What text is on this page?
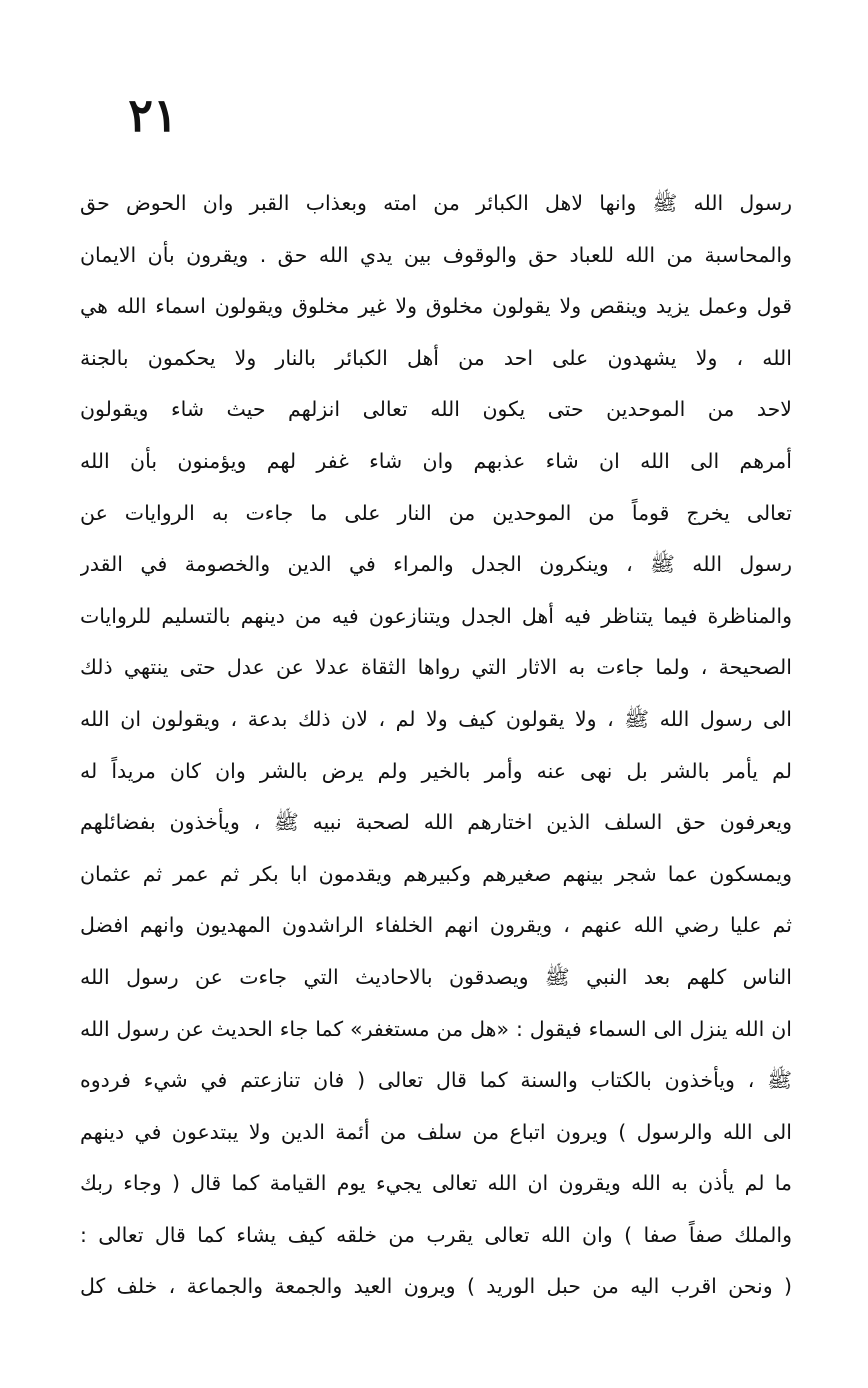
٢١
رسول الله ﷺ وانها لاهل الكبائر من امته وبعذاب القبر وان الحوض حق
والمحاسبة من الله للعباد حق والوقوف بين يدي الله حق . ويقرون بأن الايمان
قول وعمل يزيد وينقص ولا يقولون مخلوق ولا غير مخلوق ويقولون اسماء الله هي
الله ، ولا يشهدون على احد من أهل الكبائر بالنار ولا يحكمون بالجنة
لاحد من الموحدين حتى يكون الله تعالى انزلهم حيث شاء ويقولون
أمرهم الى الله ان شاء عذبهم وان شاء غفر لهم ويؤمنون بأن الله
تعالى يخرج قوماً من الموحدين من النار على ما جاءت به الروايات عن
رسول الله ﷺ ، وينكرون الجدل والمراء في الدين والخصومة في القدر
والمناظرة فيما يتناظر فيه أهل الجدل ويتنازعون فيه من دينهم بالتسليم للروايات
الصحيحة ، ولما جاءت به الاثار التي رواها الثقاة عدلا عن عدل حتى ينتهي ذلك
الى رسول الله ﷺ ، ولا يقولون كيف ولا لم ، لان ذلك بدعة ، ويقولون ان الله
لم يأمر بالشر بل نهى عنه وأمر بالخير ولم يرض بالشر وان كان مريداً له
ويعرفون حق السلف الذين اختارهم الله لصحبة نبيه ﷺ ، ويأخذون بفضائلهم
ويمسكون عما شجر بينهم صغيرهم وكبيرهم ويقدمون ابا بكر ثم عمر ثم عثمان
ثم عليا رضي الله عنهم ، ويقرون انهم الخلفاء الراشدون المهديون وانهم افضل
الناس كلهم بعد النبي ﷺ ويصدقون بالاحاديث التي جاءت عن رسول الله
ان الله ينزل الى السماء فيقول : «هل من مستغفر» كما جاء الحديث عن رسول الله
ﷺ ، ويأخذون بالكتاب والسنة كما قال تعالى ( فان تنازعتم في شيء فردوه
الى الله والرسول ) ويرون اتباع من سلف من أئمة الدين ولا يبتدعون في دينهم
ما لم يأذن به الله ويقرون ان الله تعالى يجيء يوم القيامة كما قال ( وجاء ربك
والملك صفاً صفا ) وان الله تعالى يقرب من خلقه كيف يشاء كما قال تعالى :
( ونحن اقرب اليه من حبل الوريد ) ويرون العيد والجمعة والجماعة ، خلف كل
